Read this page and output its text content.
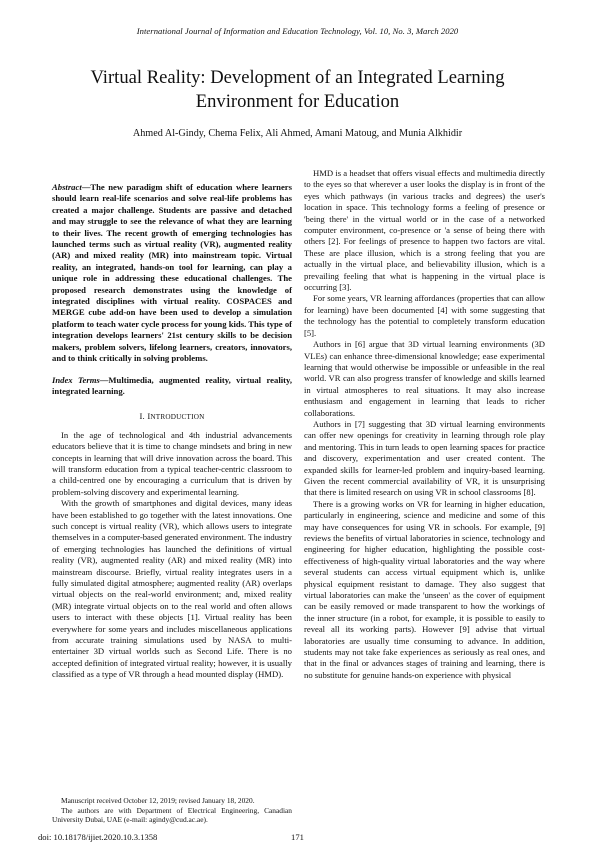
International Journal of Information and Education Technology, Vol. 10, No. 3, March 2020
Virtual Reality: Development of an Integrated Learning Environment for Education
Ahmed Al-Gindy, Chema Felix, Ali Ahmed, Amani Matoug, and Munia Alkhidir

Abstract—The new paradigm shift of education where learners should learn real-life scenarios and solve real-life problems has created a major challenge. Students are passive and detached and may struggle to see the relevance of what they are learning to their lives. The recent growth of emerging technologies has launched terms such as virtual reality (VR), augmented reality (AR) and mixed reality (MR) into mainstream topic. Virtual reality, an integrated, hands-on tool for learning, can play a unique role in addressing these educational challenges. The proposed research demonstrates using the knowledge of integrated disciplines with virtual reality. COSPACES and MERGE cube add-on have been used to develop a simulation platform to teach water cycle process for young kids. This type of integration develops learners' 21st century skills to be decision makers, problem solvers, lifelong learners, creators, innovators, and to think critically in solving problems.

Index Terms—Multimedia, augmented reality, virtual reality, integrated learning.

I. INTRODUCTION

In the age of technological and 4th industrial advancements educators believe that it is time to change mindsets and bring in new concepts in learning that will drive innovation across the board. This will transform education from a typical teacher-centric classroom to a child-centred one by encouraging a curriculum that is driven by problem-solving discovery and experimental learning.

With the growth of smartphones and digital devices, many ideas have been established to go together with the latest innovations. One such concept is virtual reality (VR), which allows users to integrate themselves in a computer-based generated environment. The industry of emerging technologies has launched the definitions of virtual reality (VR), augmented reality (AR) and mixed reality (MR) into mainstream discourse. Briefly, virtual reality integrates users in a fully simulated digital atmosphere; augmented reality (AR) overlaps virtual objects on the real-world environment; and, mixed reality (MR) integrate virtual objects on to the real world and often allows users to interact with these objects [1]. Virtual reality has been everywhere for some years and includes miscellaneous applications from accurate training simulations used by NASA to multi-entertainer 3D virtual worlds such as Second Life. There is no accepted definition of integrated virtual reality; however, it is usually classified as a type of VR through a head mounted display (HMD).

HMD is a headset that offers visual effects and multimedia directly to the eyes so that wherever a user looks the display is in front of the eyes which pathways (in various tracks and degrees) the user's location in space. This technology forms a feeling of presence or 'being there' in the virtual world or in the case of a networked computer environment, co-presence or 'a sense of being there with others [2]. For feelings of presence to happen two factors are vital. These are place illusion, which is a strong feeling that you are actually in the virtual place, and believability illusion, which is a prevailing feeling that what is happening in the virtual place is occurring [3].

For some years, VR learning affordances (properties that can allow for learning) have been documented [4] with some suggesting that the technology has the potential to completely transform education [5].

Authors in [6] argue that 3D virtual learning environments (3D VLEs) can enhance three-dimensional knowledge; ease experimental learning that would otherwise be impossible or unfeasible in the real world. VR can also progress transfer of knowledge and skills learned in virtual atmospheres to real situations. It may also increase enthusiasm and engagement in learning that leads to richer collaborations.

Authors in [7] suggesting that 3D virtual learning environments can offer new openings for creativity in learning through role play and mentoring. This in turn leads to open learning spaces for practice and discovery, experimentation and user created content. The expanded skills for learner-led problem and inquiry-based learning. Given the recent commercial availability of VR, it is unsurprising that there is limited research on using VR in school classrooms [8].

There is a growing works on VR for learning in higher education, particularly in engineering, science and medicine and some of this may have consequences for using VR in schools. For example, [9] reviews the benefits of virtual laboratories in science, technology and engineering for higher education, highlighting the possible cost-effectiveness of high-quality virtual laboratories and the way where several students can access virtual equipment which is, unlike physical equipment resistant to damage. They also suggest that virtual laboratories can make the 'unseen' as the cover of equipment can be easily removed or made transparent to how the workings of the inner structure (in a robot, for example, it is possible to easily to reveal all its working parts). However [9] advise that virtual laboratories are usually time consuming to advance. In addition, students may not take fake experiences as seriously as real ones, and that in the final or advances stages of training and learning, there is no substitute for genuine hands-on experience with physical

Manuscript received October 12, 2019; revised January 18, 2020.

The authors are with Department of Electrical Engineering, Canadian University Dubai, UAE (e-mail: agindy@cud.ac.ae).

doi: 10.18178/ijiet.2020.10.3.1358	171
